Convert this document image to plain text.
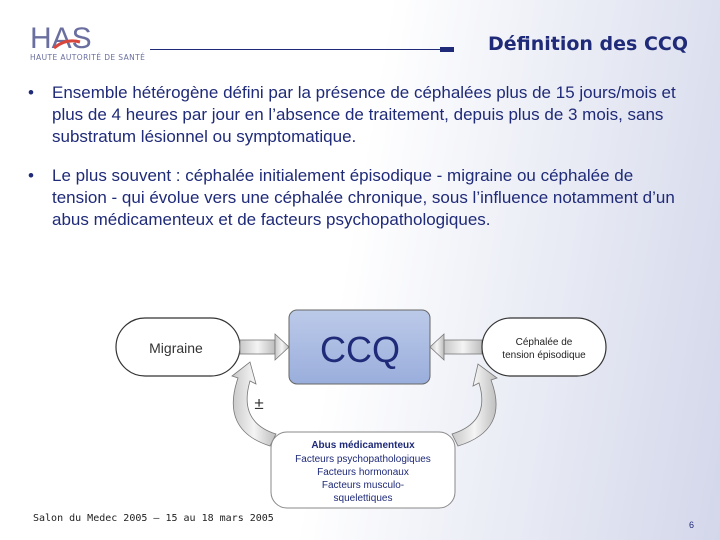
HAS
HAUTE AUTORITÉ DE SANTÉ
Définition des CCQ
• Ensemble hétérogène défini par la présence de céphalées plus de 15 jours/mois et plus de 4 heures par jour en l’absence de traitement, depuis plus de 3 mois, sans substratum lésionnel ou symptomatique.
• Le plus souvent : céphalée initialement épisodique - migraine ou céphalée de tension - qui évolue vers une céphalée chronique, sous l’influence notamment d’un abus médicamenteux et de facteurs psychopathologiques.
Migraine	CCQ	Céphalée de
tension épisodique
±
Abus médicamenteux
Facteurs psychopathologiques
Facteurs hormonaux
Facteurs musculo-
squelettiques
Salon du Medec 2005 – 15 au 18 mars 2005
6
